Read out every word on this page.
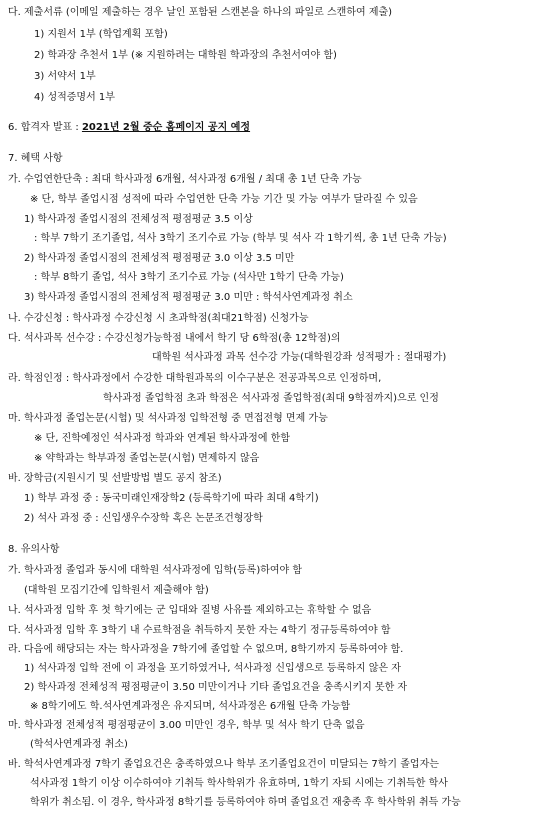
다. 제출서류 (이메일 제출하는 경우 날인 포함된 스캔본을 하나의 파일로 스캔하여 제출)
1) 지원서 1부 (학업계획 포함)
2) 학과장 추천서 1부 (※ 지원하려는 대학원 학과장의 추천서여야 함)
3) 서약서 1부
4) 성적증명서 1부
6. 합격자 발표 : 2021년 2월 중순 홈페이지 공지 예정
7. 혜택 사항
가. 수업연한단축 : 최대 학사과정 6개월, 석사과정 6개월 / 최대 총 1년 단축 가능
※ 단, 학부 졸업시점 성적에 따라 수업연한 단축 가능 기간 및 가능 여부가 달라질 수 있음
1) 학사과정 졸업시점의 전체성적 평점평균 3.5 이상
: 학부 7학기 조기졸업, 석사 3학기 조기수료 가능 (학부 및 석사 각 1학기씩, 총 1년 단축 가능)
2) 학사과정 졸업시점의 전체성적 평점평균 3.0 이상 3.5 미만
: 학부 8학기 졸업, 석사 3학기 조기수료 가능 (석사만 1학기 단축 가능)
3) 학사과정 졸업시점의 전체성적 평점평균 3.0 미만 : 학석사연계과정 취소
나. 수강신청 : 학사과정 수강신청 시 초과학점(최대21학점) 신청가능
다. 석사과목 선수강 : 수강신청가능학점 내에서 학기 당 6학점(총 12학점)의
대학원 석사과정 과목 선수강 가능(대학원강좌 성적평가 : 절대평가)
라. 학점인정 : 학사과정에서 수강한 대학원과목의 이수구분은 전공과목으로 인정하며,
학사과정 졸업학점 초과 학점은 석사과정 졸업학점(최대 9학점까지)으로 인정
마. 학사과정 졸업논문(시험) 및 석사과정 입학전형 중 면접전형 면제 가능
※ 단, 진학예정인 석사과정 학과와 연계된 학사과정에 한함
※ 약학과는 학부과정 졸업논문(시험) 면제하지 않음
바. 장학금(지원시기 및 선발방법 별도 공지 참조)
1) 학부 과정 중 : 동국미래인재장학2 (등록학기에 따라 최대 4학기)
2) 석사 과정 중 : 신입생우수장학 혹은 논문조건형장학
8. 유의사항
가. 학사과정 졸업과 동시에 대학원 석사과정에 입학(등록)하여야 함
(대학원 모집기간에 입학원서 제출해야 함)
나. 석사과정 입학 후 첫 학기에는 군 입대와 질병 사유를 제외하고는 휴학할 수 없음
다. 석사과정 입학 후 3학기 내 수료학점을 취득하지 못한 자는 4학기 정규등록하여야 함
라. 다음에 해당되는 자는 학사과정을 7학기에 졸업할 수 없으며, 8학기까지 등록하여야 함.
1) 석사과정 입학 전에 이 과정을 포기하였거나, 석사과정 신입생으로 등록하지 않은 자
2) 학사과정 전체성적 평점평균이 3.50 미만이거나 기타 졸업요건을 충족시키지 못한 자
※ 8학기에도 학.석사연계과정은 유지되며, 석사과정은 6개월 단축 가능함
마. 학사과정 전체성적 평점평균이 3.00 미만인 경우, 학부 및 석사 학기 단축 없음
(학석사연계과정 취소)
바. 학석사연계과정 7학기 졸업요건은 충족하였으나 학부 조기졸업요건이 미달되는 7학기 졸업자는
석사과정 1학기 이상 이수하여야 기취득 학사학위가 유효하며, 1학기 자퇴 시에는 기취득한 학사
학위가 취소됨. 이 경우, 학사과정 8학기를 등록하여야 하며 졸업요건 재충족 후 학사학위 취득 가능
